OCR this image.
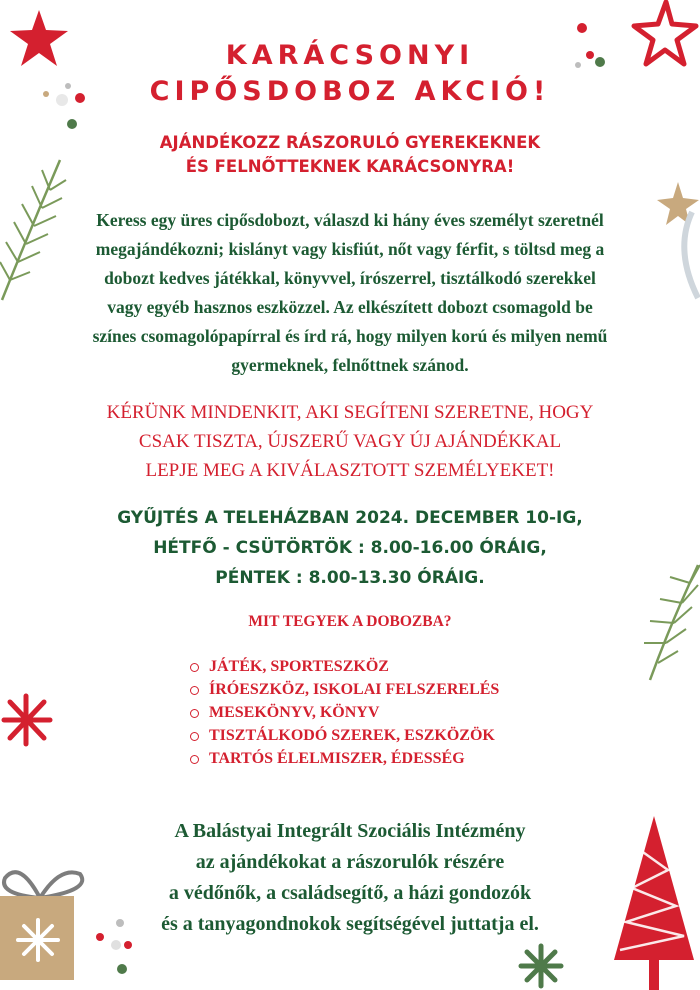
KARÁCSONYI
CIPŐSDOBOZ AKCIÓ!
AJÁNDÉKOZZ RÁSZORULÓ GYEREKEKNEK
ÉS FELNŐTTEKNEK KARÁCSONYRA!
Keress egy üres cipősdobozt, válaszd ki hány éves személyt szeretnél
megajándékozni; kislányt vagy kisfiút, nőt vagy férfit, s töltsd meg a
dobozt kedves játékkal, könyvvel, írószerrel, tisztálkodó szerekkel
vagy egyéb hasznos eszközzel. Az elkészített dobozt csomagold be
színes csomagolópapírral és írd rá, hogy milyen korú és milyen nemű
gyermeknek, felnőttnek szánod.
KÉRÜNK MINDENKIT, AKI SEGÍTENI SZERETNE, HOGY
CSAK TISZTA, ÚJSZERŰ VAGY ÚJ AJÁNDÉKKAL
LEPJE MEG A KIVÁLASZTOTT SZEMÉLYEKET!
GYŰJTÉS A TELEHÁZBAN 2024. DECEMBER 10-IG,
HÉTFŐ - CSÜTÖRTÖK : 8.00-16.00 ÓRÁIG,
PÉNTEK : 8.00-13.30 ÓRÁIG.
MIT TEGYEK A DOBOZBA?
JÁTÉK, SPORTESZKÖZ
ÍRÓESZKÖZ, ISKOLAI FELSZERELÉS
MESEKÖNYV, KÖNYV
TISZTÁLKODÓ SZEREK, ESZKÖZÖK
TARTÓS ÉLELMISZER, ÉDESSÉG
A Balástyai Integrált Szociális Intézmény
az ajándékokat a rászorulók részére
a védőnők, a családsegítő, a házi gondozók
és a tanyagondnokok segítségével juttatja el.
